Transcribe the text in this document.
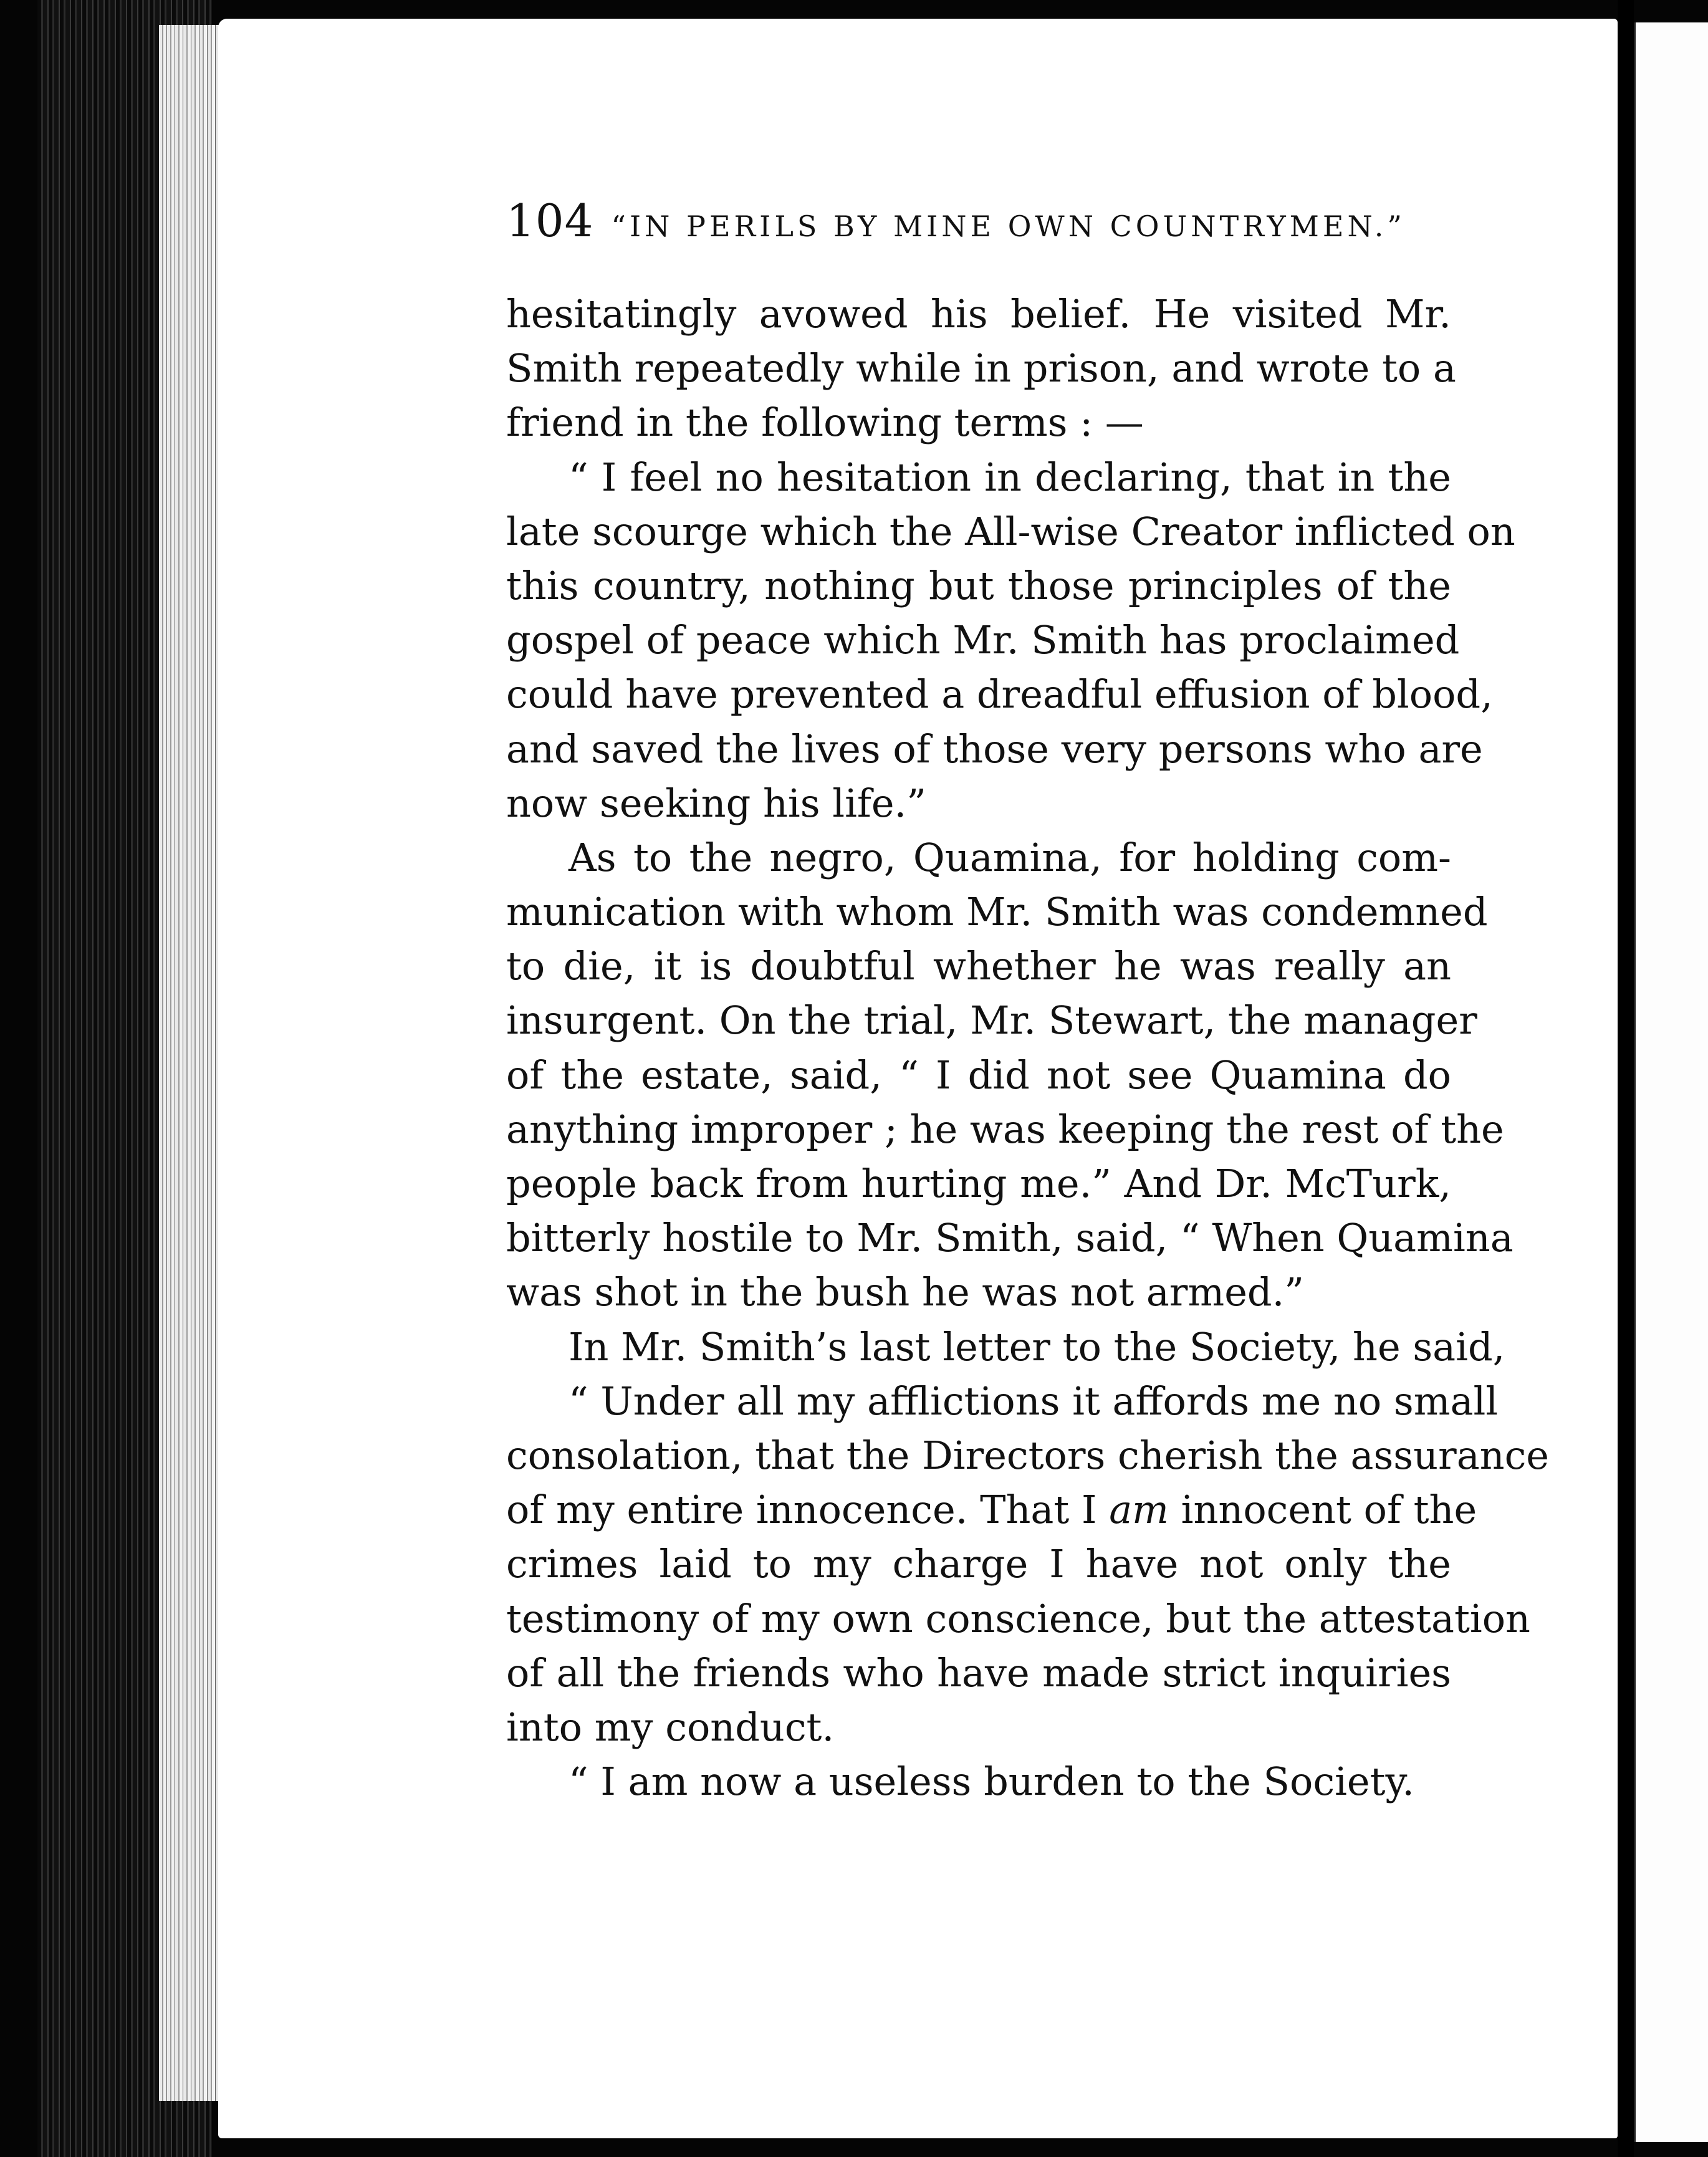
104 “IN PERILS BY MINE OWN COUNTRYMEN.”
hesitatingly avowed his belief. He visited Mr.
Smith repeatedly while in prison, and wrote to a
friend in the following terms : —
“ I feel no hesitation in declaring, that in the
late scourge which the All-wise Creator inflicted on
this country, nothing but those principles of the
gospel of peace which Mr. Smith has proclaimed
could have prevented a dreadful effusion of blood,
and saved the lives of those very persons who are
now seeking his life.”
As to the negro, Quamina, for holding com-
munication with whom Mr. Smith was condemned
to die, it is doubtful whether he was really an
insurgent. On the trial, Mr. Stewart, the manager
of the estate, said, “ I did not see Quamina do
anything improper ; he was keeping the rest of the
people back from hurting me.” And Dr. McTurk,
bitterly hostile to Mr. Smith, said, “ When Quamina
was shot in the bush he was not armed.”
In Mr. Smith’s last letter to the Society, he said,
“ Under all my afflictions it affords me no small
consolation, that the Directors cherish the assurance
of my entire innocence. That I am innocent of the
crimes laid to my charge I have not only the
testimony of my own conscience, but the attestation
of all the friends who have made strict inquiries
into my conduct.
“ I am now a useless burden to the Society.
